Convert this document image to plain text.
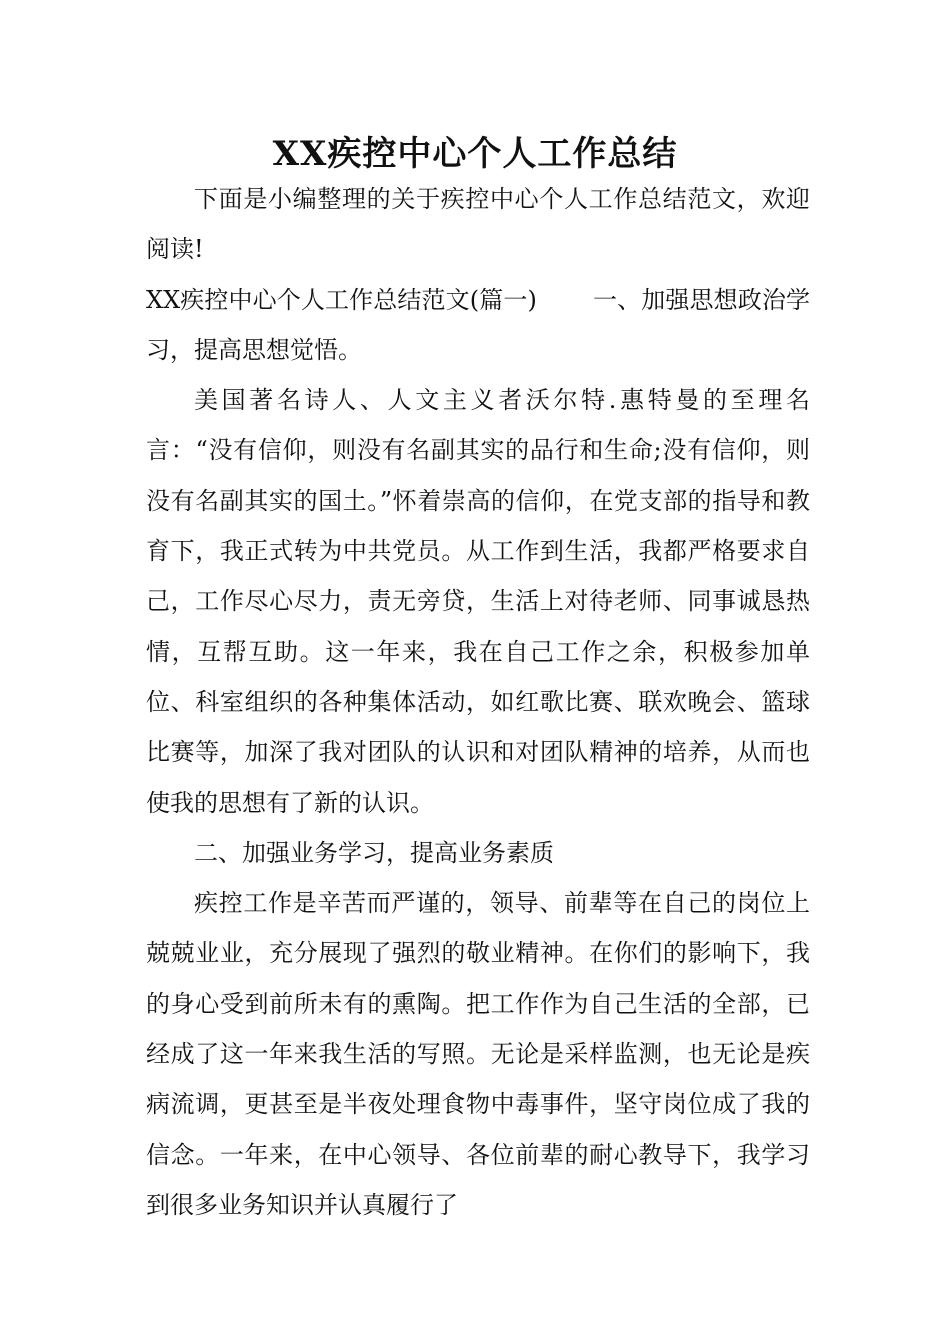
XX疾控中心个人工作总结

下面是小编整理的关于疾控中心个人工作总结范文，欢迎阅读!

XX疾控中心个人工作总结范文(篇一) 一、加强思想政治学习，提高思想觉悟。

美国著名诗人、人文主义者沃尔特.惠特曼的至理名言：“没有信仰，则没有名副其实的品行和生命;没有信仰，则没有名副其实的国土。”怀着崇高的信仰，在党支部的指导和教育下，我正式转为中共党员。从工作到生活，我都严格要求自己，工作尽心尽力，责无旁贷，生活上对待老师、同事诚恳热情，互帮互助。这一年来，我在自己工作之余，积极参加单位、科室组织的各种集体活动，如红歌比赛、联欢晚会、篮球比赛等，加深了我对团队的认识和对团队精神的培养，从而也使我的思想有了新的认识。

二、加强业务学习，提高业务素质

疾控工作是辛苦而严谨的，领导、前辈等在自己的岗位上兢兢业业，充分展现了强烈的敬业精神。在你们的影响下，我的身心受到前所未有的熏陶。把工作作为自己生活的全部，已经成了这一年来我生活的写照。无论是采样监测，也无论是疾病流调，更甚至是半夜处理食物中毒事件，坚守岗位成了我的信念。一年来，在中心领导、各位前辈的耐心教导下，我学习到很多业务知识并认真履行了
